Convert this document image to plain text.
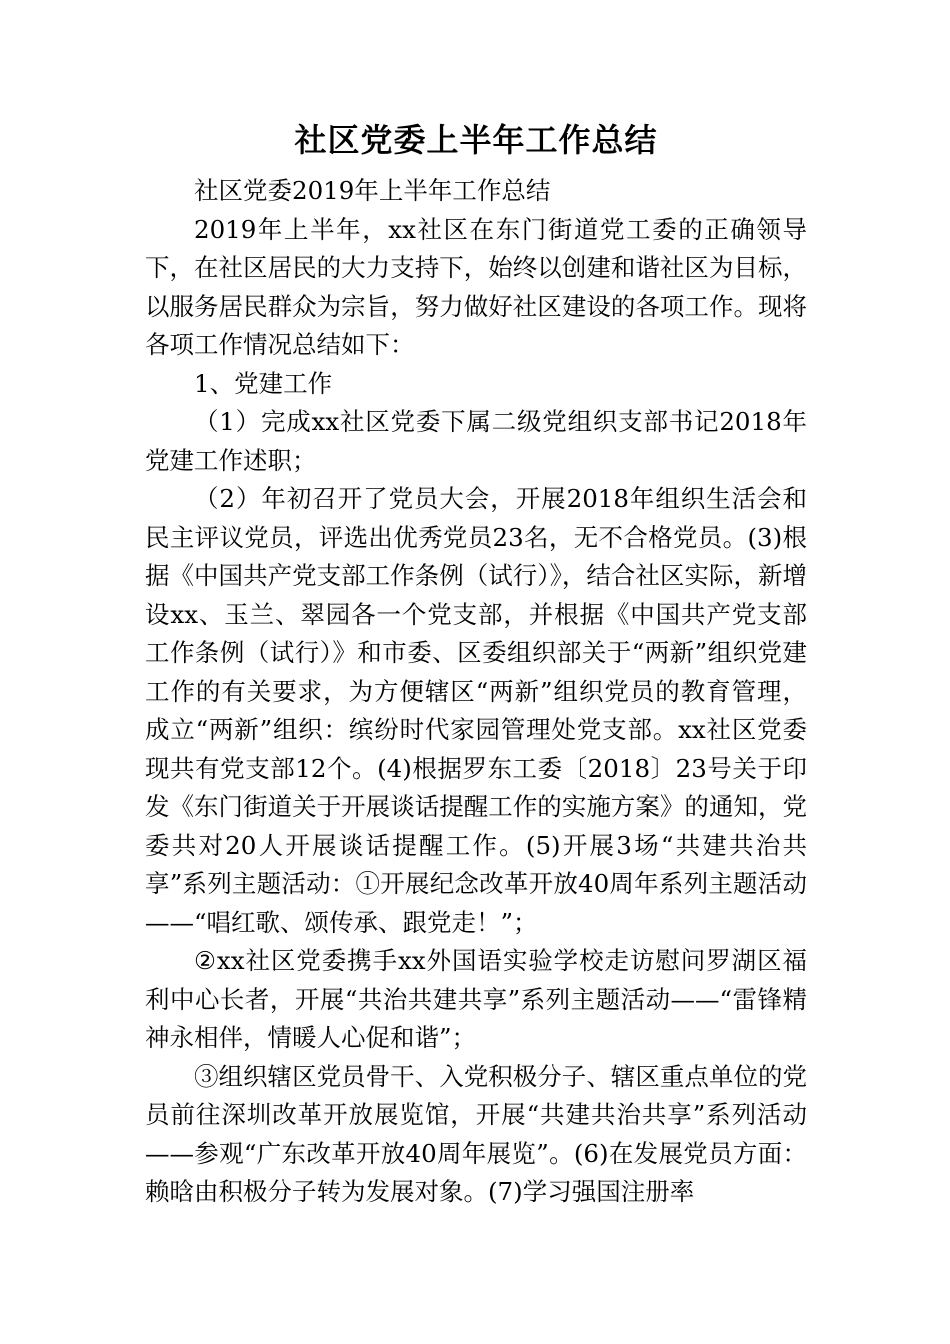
社区党委上半年工作总结

社区党委2019年上半年工作总结

2019年上半年，xx社区在东门街道党工委的正确领导下，在社区居民的大力支持下，始终以创建和谐社区为目标，以服务居民群众为宗旨，努力做好社区建设的各项工作。现将各项工作情况总结如下：

1、党建工作

（1）完成xx社区党委下属二级党组织支部书记2018年党建工作述职；

（2）年初召开了党员大会，开展2018年组织生活会和民主评议党员，评选出优秀党员23名，无不合格党员。(3)根据《中国共产党支部工作条例（试行）》，结合社区实际，新增设xx、玉兰、翠园各一个党支部，并根据《中国共产党支部工作条例（试行）》和市委、区委组织部关于“两新”组织党建工作的有关要求，为方便辖区“两新”组织党员的教育管理，成立“两新”组织：缤纷时代家园管理处党支部。xx社区党委现共有党支部12个。(4)根据罗东工委〔2018〕23号关于印发《东门街道关于开展谈话提醒工作的实施方案》的通知，党委共对20人开展谈话提醒工作。(5)开展3场“共建共治共享”系列主题活动：①开展纪念改革开放40周年系列主题活动——“唱红歌、颂传承、跟党走！”；

②xx社区党委携手xx外国语实验学校走访慰问罗湖区福利中心长者，开展“共治共建共享”系列主题活动——“雷锋精神永相伴，情暖人心促和谐”；

③组织辖区党员骨干、入党积极分子、辖区重点单位的党员前往深圳改革开放展览馆，开展“共建共治共享”系列活动——参观“广东改革开放40周年展览”。(6)在发展党员方面：赖晗由积极分子转为发展对象。(7)学习强国注册率
